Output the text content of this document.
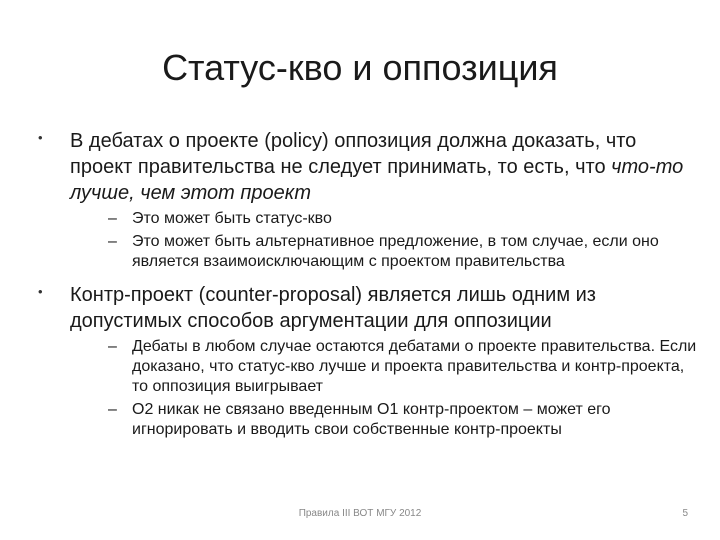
Статус-кво и оппозиция
• В дебатах о проекте (policy) оппозиция должна доказать, что проект правительства не следует принимать, то есть, что что-то лучше, чем этот проект
– Это может быть статус-кво
– Это может быть альтернативное предложение, в том случае, если оно является взаимоисключающим с проектом правительства
• Контр-проект (counter-proposal) является лишь одним из допустимых способов аргументации для оппозиции
– Дебаты в любом случае остаются дебатами о проекте правительства. Если доказано, что статус-кво лучше и проекта правительства и контр-проекта, то оппозиция выигрывает
– О2 никак не связано введенным О1 контр-проектом – может его игнорировать и вводить свои собственные контр-проекты
Правила III ВОТ МГУ 2012	5
